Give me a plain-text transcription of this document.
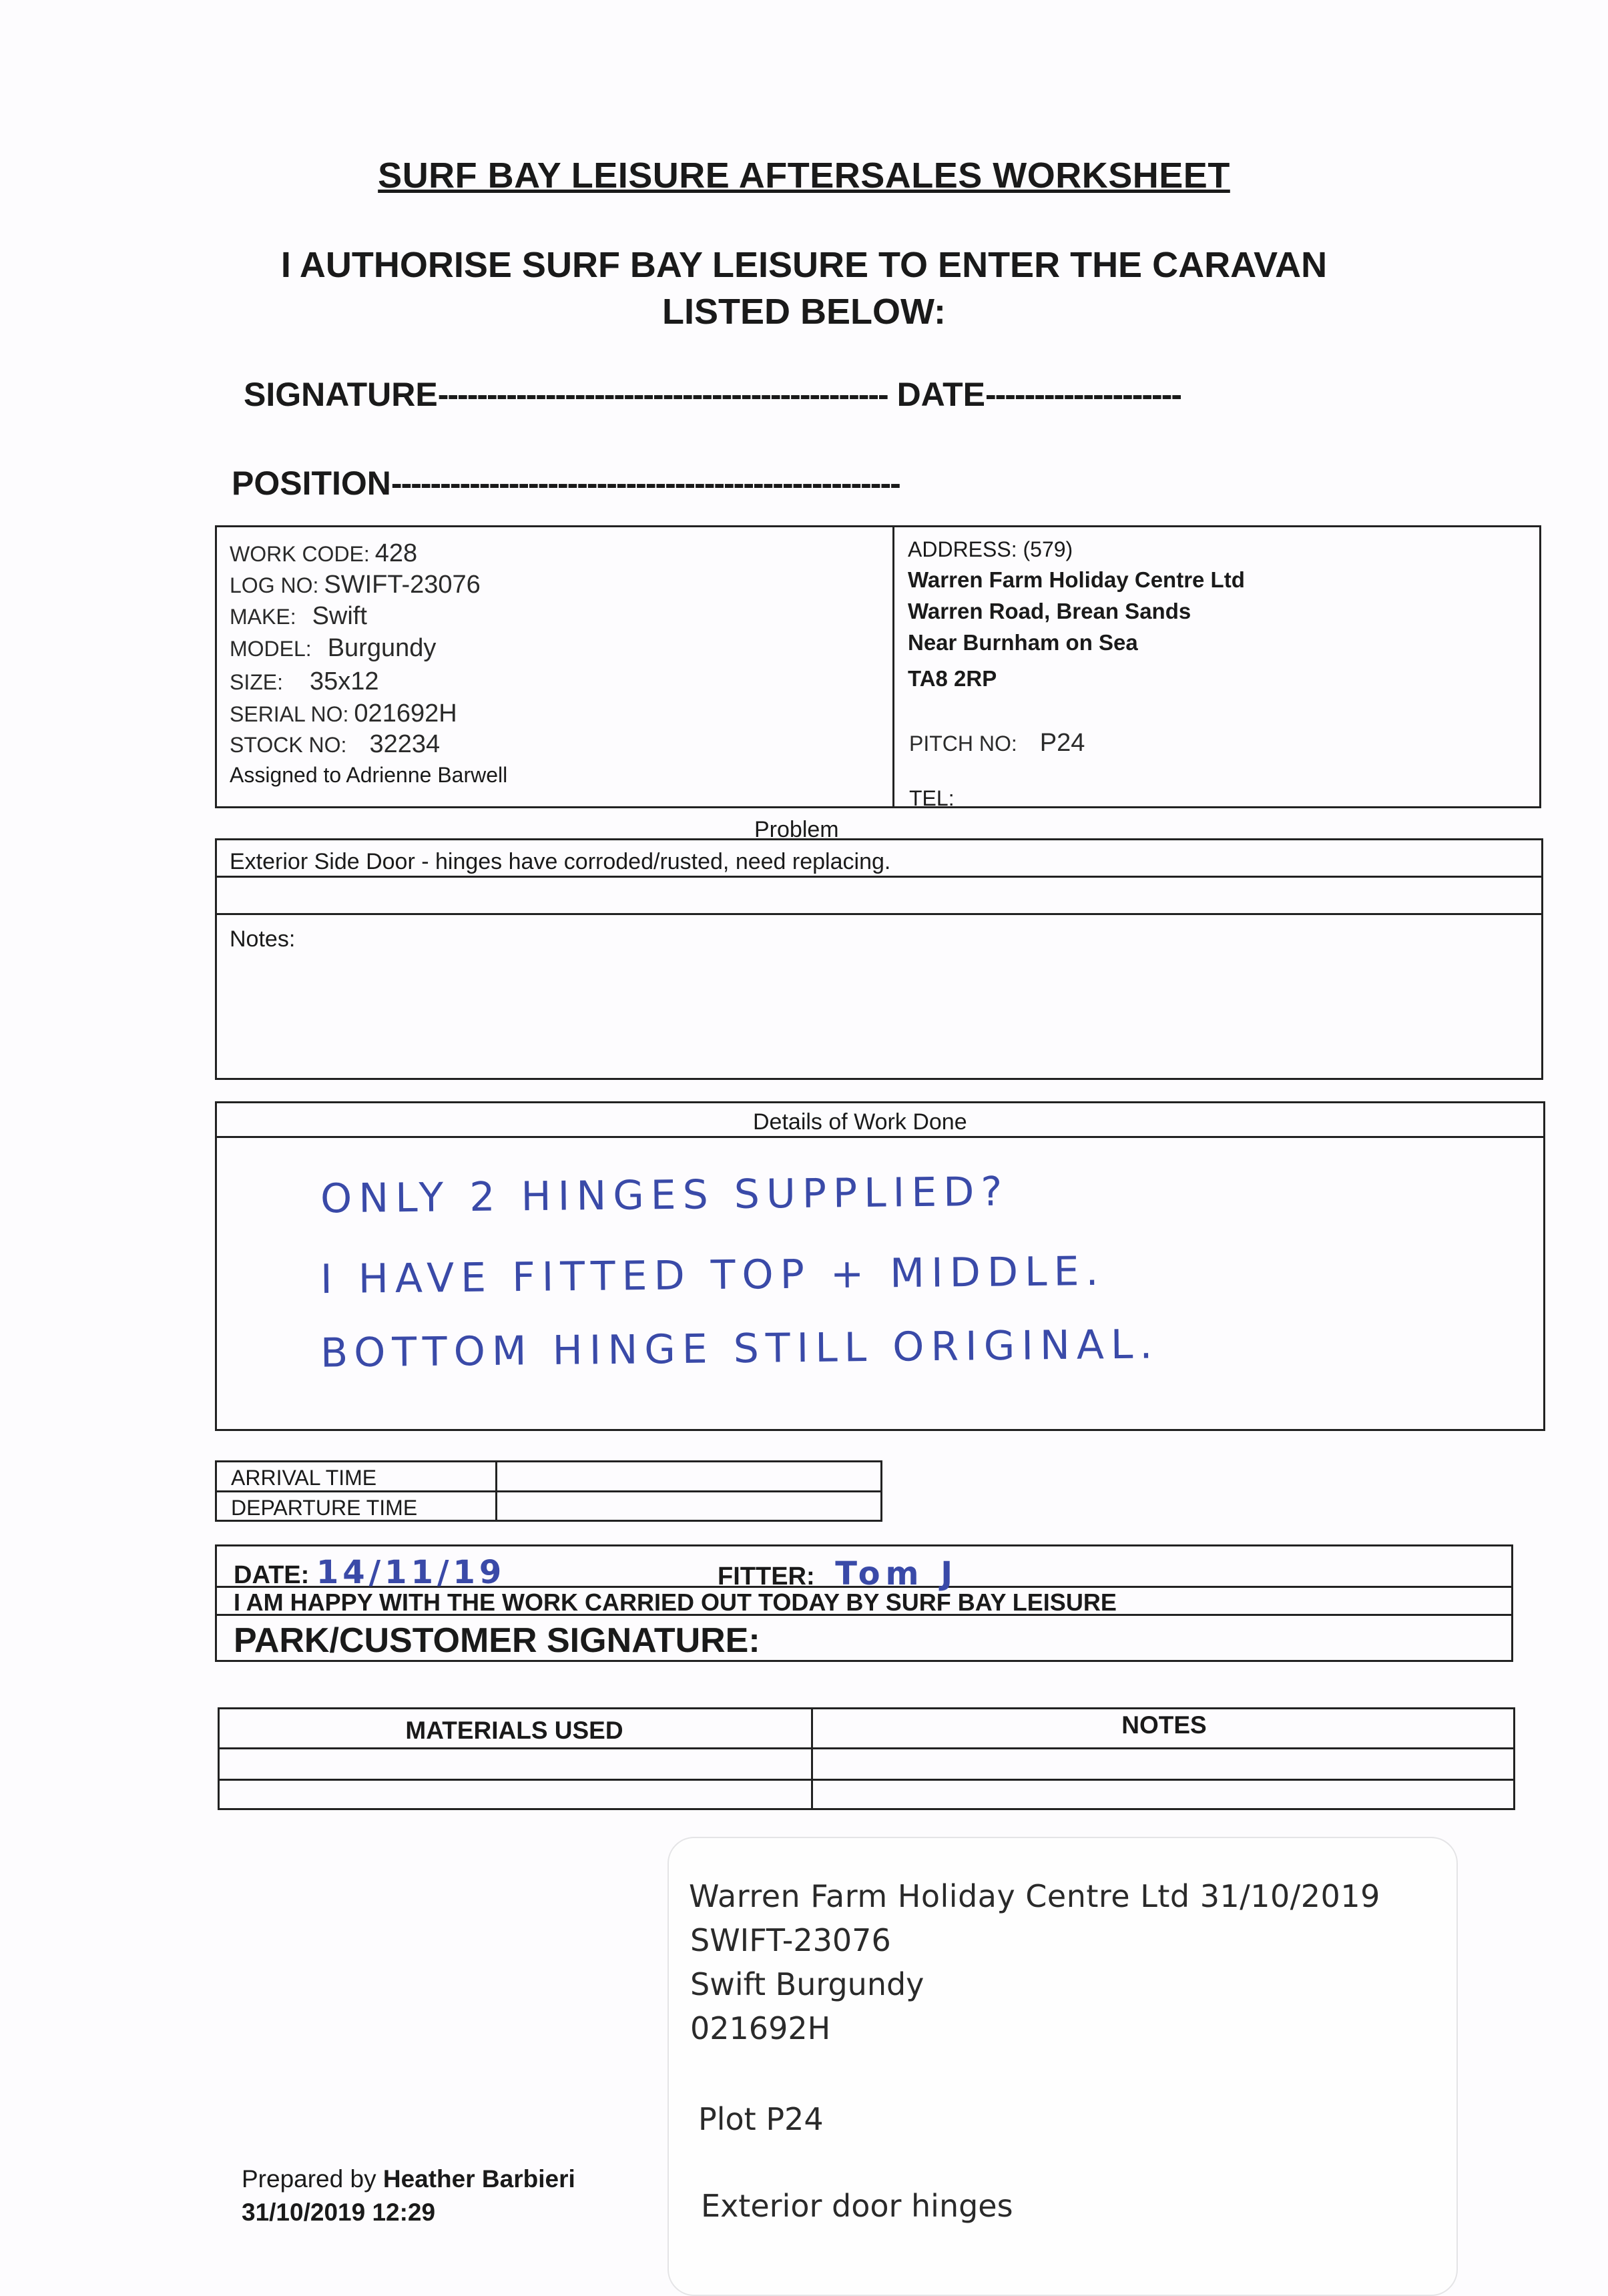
SURF BAY LEISURE AFTERSALES WORKSHEET
I AUTHORISE SURF BAY LEISURE TO ENTER THE CARAVAN
LISTED BELOW:
SIGNATURE---------------------------------------------- DATE--------------------
POSITION----------------------------------------------------
WORK CODE: 428
LOG NO: SWIFT-23076
MAKE: Swift
MODEL: Burgundy
SIZE: 35x12
SERIAL NO: 021692H
STOCK NO: 32234
Assigned to Adrienne Barwell
ADDRESS: (579)
Warren Farm Holiday Centre Ltd
Warren Road, Brean Sands
Near Burnham on Sea
TA8 2RP
PITCH NO: P24
TEL:
Problem
Exterior Side Door - hinges have corroded/rusted, need replacing.
Notes:
Details of Work Done
ONLY 2 HINGES SUPPLIED?
I HAVE FITTED TOP + MIDDLE.
BOTTOM HINGE STILL ORIGINAL.
ARRIVAL TIME
DEPARTURE TIME
DATE: 14/11/19	FITTER: Tom J
I AM HAPPY WITH THE WORK CARRIED OUT TODAY BY SURF BAY LEISURE
PARK/CUSTOMER SIGNATURE:
MATERIALS USED	NOTES
Warren Farm Holiday Centre Ltd 31/10/2019
SWIFT-23076
Swift Burgundy
021692H
Plot P24
Exterior door hinges
Prepared by Heather Barbieri
31/10/2019 12:29
